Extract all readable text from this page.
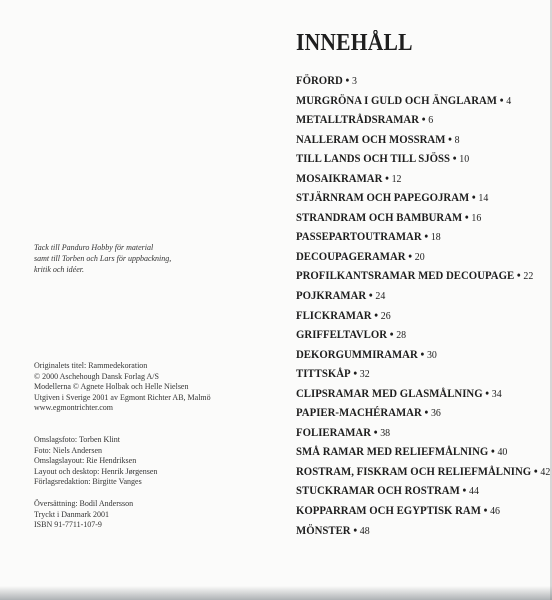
Tack till Panduro Hobby för material
samt till Torben och Lars för uppbackning,
kritik och idéer.
Originalets titel: Rammedekoration
© 2000 Aschehough Dansk Forlag A/S
Modellerna © Agnete Holbak och Helle Nielsen
Utgiven i Sverige 2001 av Egmont Richter AB, Malmö
www.egmontrichter.com
Omslagsfoto: Torben Klint
Foto: Niels Andersen
Omslagslayout: Rie Hendriksen
Layout och desktop: Henrik Jørgensen
Förlagsredaktion: Birgitte Vanges
Översättning: Bodil Andersson
Tryckt i Danmark 2001
ISBN 91-7711-107-9
INNEHÅLL
FÖRORD • 3
MURGRÖNA I GULD OCH ÄNGLARAM • 4
METALLTRÅDSRAMAR • 6
NALLERAM OCH MOSSRAM • 8
TILL LANDS OCH TILL SJÖSS • 10
MOSAIKRAMAR • 12
STJÄRNRAM OCH PAPEGOJRAM • 14
STRANDRAM OCH BAMBURAM • 16
PASSEPARTOUTRAMAR • 18
DECOUPAGERAMAR • 20
PROFILKANTSRAMAR MED DECOUPAGE • 22
POJKRAMAR • 24
FLICKRAMAR • 26
GRIFFELTAVLOR • 28
DEKORGUMMIRAMAR • 30
TITTSKÅP • 32
CLIPSRAMAR MED GLASMÅLNING • 34
PAPIER-MACHÉRAMAR • 36
FOLIERAMAR • 38
SMÅ RAMAR MED RELIEFMÅLNING • 40
ROSTRAM, FISKRAM OCH RELIEFMÅLNING • 42
STUCKRAMAR OCH ROSTRAM • 44
KOPPARRAM OCH EGYPTISK RAM • 46
MÖNSTER • 48
